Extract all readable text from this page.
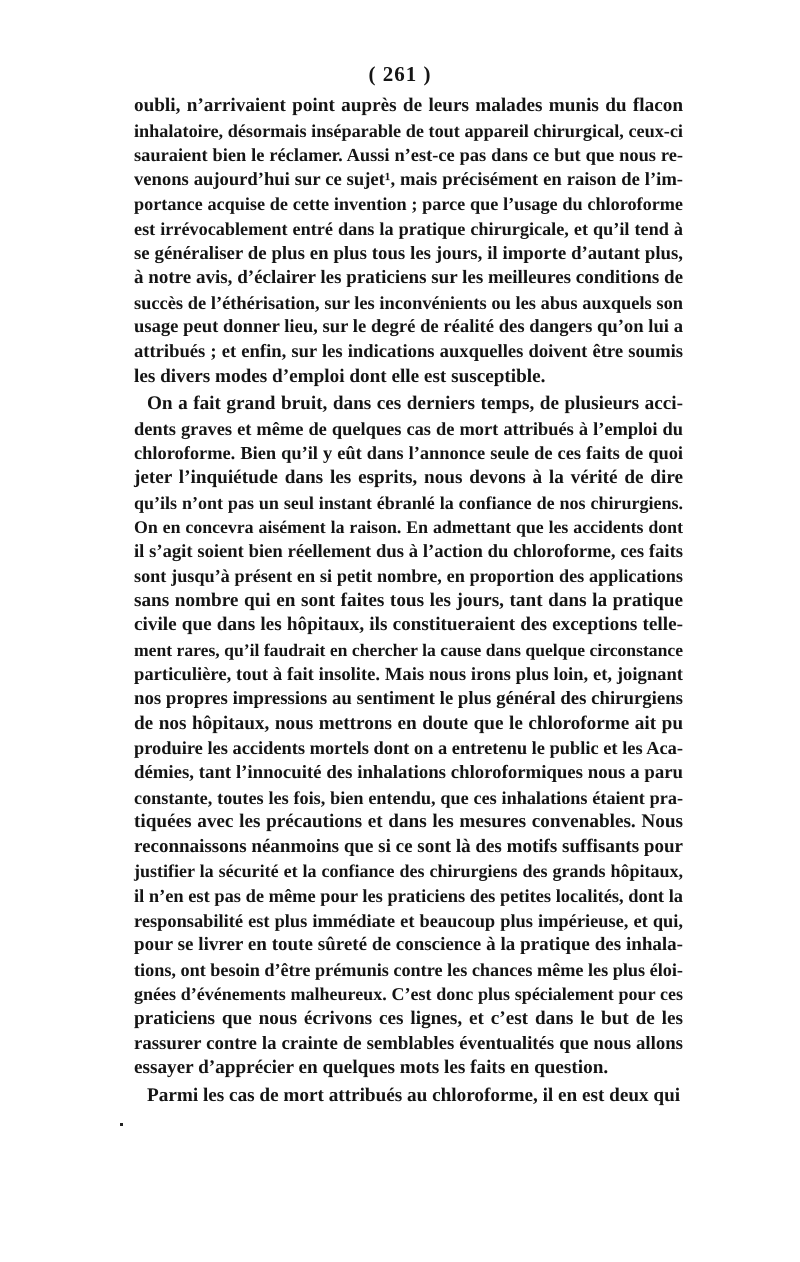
( 261 )
oubli, n’arrivaient point auprès de leurs malades munis du flacon
inhalatoire, désormais inséparable de tout appareil chirurgical, ceux-ci
sauraient bien le réclamer. Aussi n’est-ce pas dans ce but que nous re-
venons aujourd’hui sur ce sujet¹, mais précisément en raison de l’im-
portance acquise de cette invention ; parce que l’usage du chloroforme
est irrévocablement entré dans la pratique chirurgicale, et qu’il tend à
se généraliser de plus en plus tous les jours, il importe d’autant plus,
à notre avis, d’éclairer les praticiens sur les meilleures conditions de
succès de l’éthérisation, sur les inconvénients ou les abus auxquels son
usage peut donner lieu, sur le degré de réalité des dangers qu’on lui a
attribués ; et enfin, sur les indications auxquelles doivent être soumis
les divers modes d’emploi dont elle est susceptible.
On a fait grand bruit, dans ces derniers temps, de plusieurs acci-
dents graves et même de quelques cas de mort attribués à l’emploi du
chloroforme. Bien qu’il y eût dans l’annonce seule de ces faits de quoi
jeter l’inquiétude dans les esprits, nous devons à la vérité de dire
qu’ils n’ont pas un seul instant ébranlé la confiance de nos chirurgiens.
On en concevra aisément la raison. En admettant que les accidents dont
il s’agit soient bien réellement dus à l’action du chloroforme, ces faits
sont jusqu’à présent en si petit nombre, en proportion des applications
sans nombre qui en sont faites tous les jours, tant dans la pratique
civile que dans les hôpitaux, ils constitueraient des exceptions telle-
ment rares, qu’il faudrait en chercher la cause dans quelque circonstance
particulière, tout à fait insolite. Mais nous irons plus loin, et, joignant
nos propres impressions au sentiment le plus général des chirurgiens
de nos hôpitaux, nous mettrons en doute que le chloroforme ait pu
produire les accidents mortels dont on a entretenu le public et les Aca-
démies, tant l’innocuité des inhalations chloroformiques nous a paru
constante, toutes les fois, bien entendu, que ces inhalations étaient pra-
tiquées avec les précautions et dans les mesures convenables. Nous
reconnaissons néanmoins que si ce sont là des motifs suffisants pour
justifier la sécurité et la confiance des chirurgiens des grands hôpitaux,
il n’en est pas de même pour les praticiens des petites localités, dont la
responsabilité est plus immédiate et beaucoup plus impérieuse, et qui,
pour se livrer en toute sûreté de conscience à la pratique des inhala-
tions, ont besoin d’être prémunis contre les chances même les plus éloi-
gnées d’événements malheureux. C’est donc plus spécialement pour ces
praticiens que nous écrivons ces lignes, et c’est dans le but de les
rassurer contre la crainte de semblables éventualités que nous allons
essayer d’apprécier en quelques mots les faits en question.
Parmi les cas de mort attribués au chloroforme, il en est deux qui
